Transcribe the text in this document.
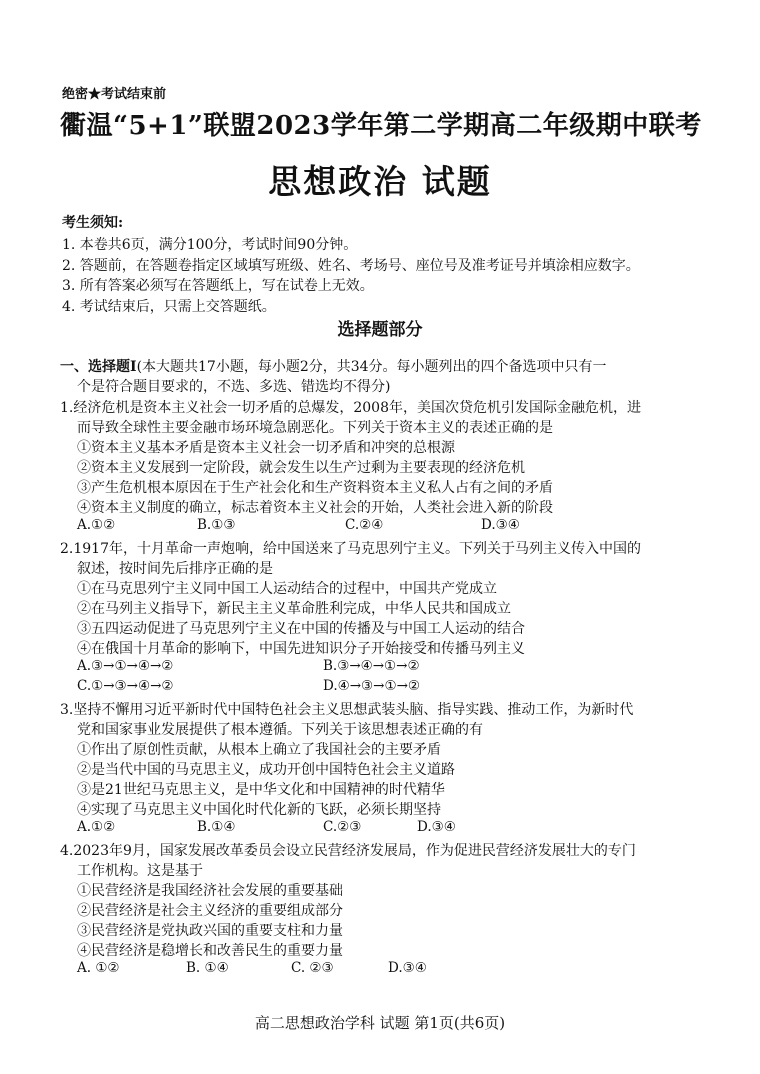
绝密★考试结束前
衢温“5+1”联盟2023学年第二学期高二年级期中联考
思想政治 试题
考生须知:
1. 本卷共6页，满分100分，考试时间90分钟。
2. 答题前，在答题卷指定区域填写班级、姓名、考场号、座位号及准考证号并填涂相应数字。
3. 所有答案必须写在答题纸上，写在试卷上无效。
4. 考试结束后，只需上交答题纸。
选择题部分
一、选择题Ⅰ(本大题共17小题，每小题2分，共34分。每小题列出的四个备选项中只有一
个是符合题目要求的，不选、多选、错选均不得分)
1.经济危机是资本主义社会一切矛盾的总爆发，2008年，美国次贷危机引发国际金融危机，进
而导致全球性主要金融市场环境急剧恶化。下列关于资本主义的表述正确的是
①资本主义基本矛盾是资本主义社会一切矛盾和冲突的总根源
②资本主义发展到一定阶段，就会发生以生产过剩为主要表现的经济危机
③产生危机根本原因在于生产社会化和生产资料资本主义私人占有之间的矛盾
④资本主义制度的确立，标志着资本主义社会的开始，人类社会进入新的阶段
A.①②	B.①③	C.②④	D.③④
2.1917年，十月革命一声炮响，给中国送来了马克思列宁主义。下列关于马列主义传入中国的
叙述，按时间先后排序正确的是
①在马克思列宁主义同中国工人运动结合的过程中，中国共产党成立
②在马列主义指导下，新民主主义革命胜利完成，中华人民共和国成立
③五四运动促进了马克思列宁主义在中国的传播及与中国工人运动的结合
④在俄国十月革命的影响下，中国先进知识分子开始接受和传播马列主义
A.③→①→④→②	B.③→④→①→②
C.①→③→④→②	D.④→③→①→②
3.坚持不懈用习近平新时代中国特色社会主义思想武装头脑、指导实践、推动工作，为新时代
党和国家事业发展提供了根本遵循。下列关于该思想表述正确的有
①作出了原创性贡献，从根本上确立了我国社会的主要矛盾
②是当代中国的马克思主义，成功开创中国特色社会主义道路
③是21世纪马克思主义，是中华文化和中国精神的时代精华
④实现了马克思主义中国化时代化新的飞跃，必须长期坚持
A.①②	B.①④	C.②③	D.③④
4.2023年9月，国家发展改革委员会设立民营经济发展局，作为促进民营经济发展壮大的专门
工作机构。这是基于
①民营经济是我国经济社会发展的重要基础
②民营经济是社会主义经济的重要组成部分
③民营经济是党执政兴国的重要支柱和力量
④民营经济是稳增长和改善民生的重要力量
A. ①②	B. ①④	C. ②③	D.③④
高二思想政治学科 试题 第1页(共6页)
